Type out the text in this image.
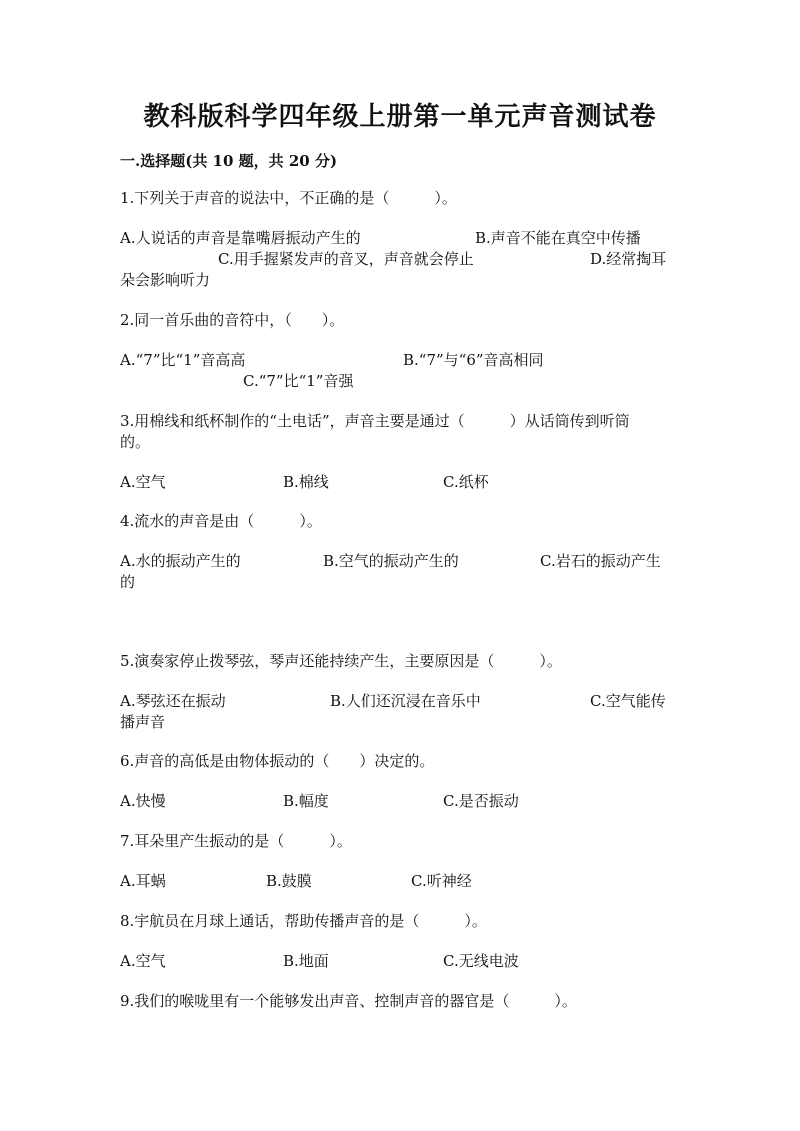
教科版科学四年级上册第一单元声音测试卷
一.选择题(共 10 题，共 20 分)
1.下列关于声音的说法中，不正确的是（　　　）。
A.人说话的声音是靠嘴唇振动产生的	B.声音不能在真空中传播
C.用手握紧发声的音叉，声音就会停止	D.经常掏耳
朵会影响听力
2.同一首乐曲的音符中，（　　）。
A.“7”比“1”音高高	B.“7”与“6”音高相同
C.“7”比“1”音强
3.用棉线和纸杯制作的“土电话”，声音主要是通过（　　　）从话筒传到听筒
的。
A.空气	B.棉线	C.纸杯
4.流水的声音是由（　　　）。
A.水的振动产生的	B.空气的振动产生的	C.岩石的振动产生
的
5.演奏家停止拨琴弦，琴声还能持续产生，主要原因是（　　　）。
A.琴弦还在振动	B.人们还沉浸在音乐中	C.空气能传
播声音
6.声音的高低是由物体振动的（　　）决定的。
A.快慢	B.幅度	C.是否振动
7.耳朵里产生振动的是（　　　）。
A.耳蜗	B.鼓膜	C.听神经
8.宇航员在月球上通话，帮助传播声音的是（　　　）。
A.空气	B.地面	C.无线电波
9.我们的喉咙里有一个能够发出声音、控制声音的器官是（　　　）。
